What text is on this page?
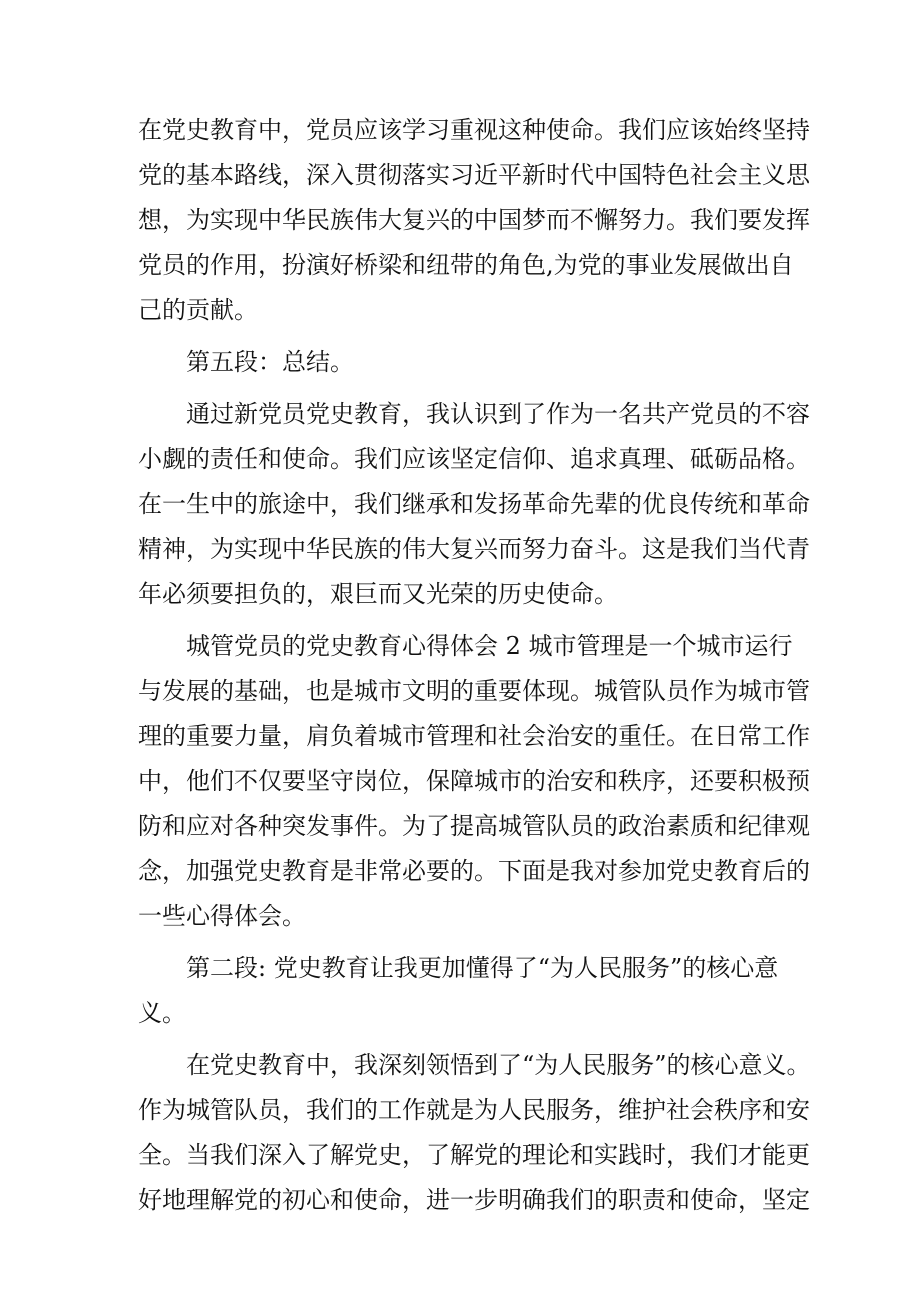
在党史教育中，党员应该学习重视这种使命。我们应该始终坚持
党的基本路线，深入贯彻落实习近平新时代中国特色社会主义思
想，为实现中华民族伟大复兴的中国梦而不懈努力。我们要发挥
党员的作用，扮演好桥梁和纽带的角色,为党的事业发展做出自
己的贡献。
第五段：总结。
通过新党员党史教育，我认识到了作为一名共产党员的不容
小觑的责任和使命。我们应该坚定信仰、追求真理、砥砺品格。
在一生中的旅途中，我们继承和发扬革命先辈的优良传统和革命
精神，为实现中华民族的伟大复兴而努力奋斗。这是我们当代青
年必须要担负的，艰巨而又光荣的历史使命。
城管党员的党史教育心得体会 2 城市管理是一个城市运行
与发展的基础，也是城市文明的重要体现。城管队员作为城市管
理的重要力量，肩负着城市管理和社会治安的重任。在日常工作
中，他们不仅要坚守岗位，保障城市的治安和秩序，还要积极预
防和应对各种突发事件。为了提高城管队员的政治素质和纪律观
念，加强党史教育是非常必要的。下面是我对参加党史教育后的
一些心得体会。
第二段: 党史教育让我更加懂得了“为人民服务”的核心意
义。
在党史教育中，我深刻领悟到了“为人民服务”的核心意义。
作为城管队员，我们的工作就是为人民服务，维护社会秩序和安
全。当我们深入了解党史，了解党的理论和实践时，我们才能更
好地理解党的初心和使命，进一步明确我们的职责和使命，坚定
